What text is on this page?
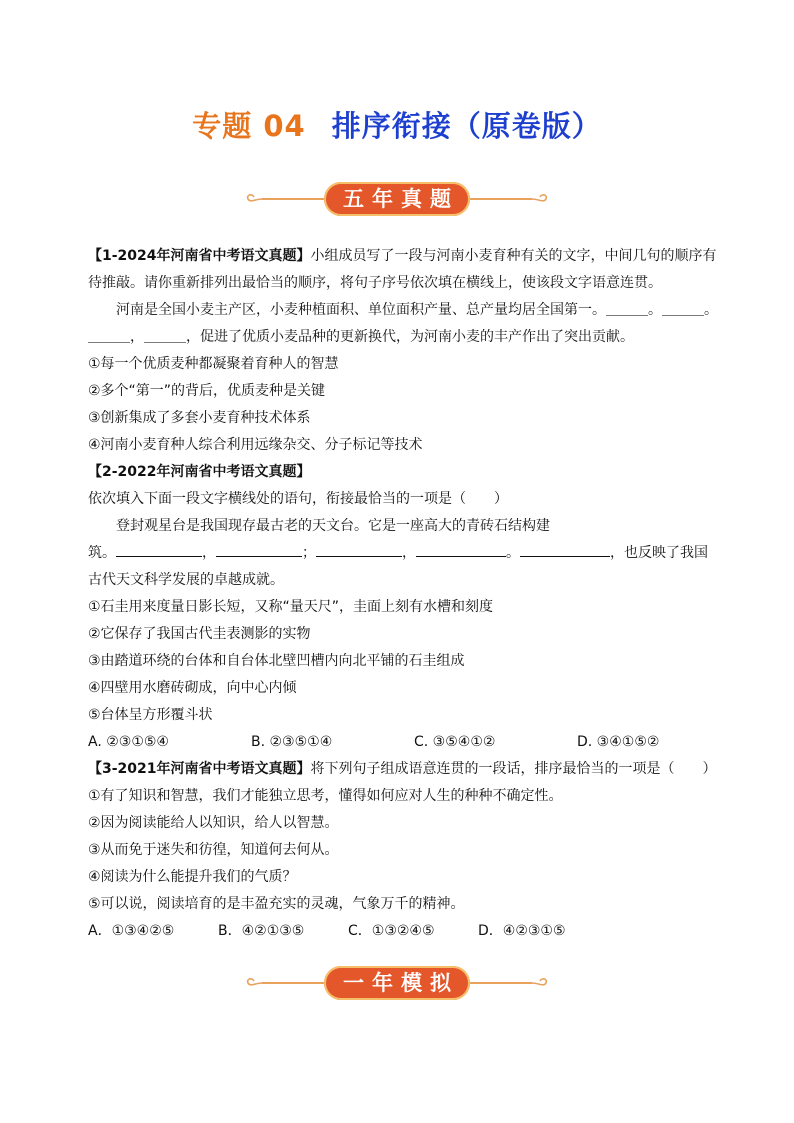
专题 04 排序衔接（原卷版）
五年真题

【1-2024年河南省中考语文真题】小组成员写了一段与河南小麦育种有关的文字，中间几句的顺序有待推敲。请你重新排列出最恰当的顺序，将句子序号依次填在横线上，使该段文字语意连贯。

河南是全国小麦主产区，小麦种植面积、单位面积产量、总产量均居全国第一。＿＿＿。＿＿＿。

＿＿＿，＿＿＿，促进了优质小麦品种的更新换代，为河南小麦的丰产作出了突出贡献。

①每一个优质麦种都凝聚着育种人的智慧

②多个“第一”的背后，优质麦种是关键

③创新集成了多套小麦育种技术体系

④河南小麦育种人综合利用远缘杂交、分子标记等技术

【2-2022年河南省中考语文真题】依次填入下面一段文字横线处的语句，衔接最恰当的一项是（　　）

登封观星台是我国现存最古老的天文台。它是一座高大的青砖石结构建

筑。	，	；	，	。	，也反映了我国

古代天文科学发展的卓越成就。

①石圭用来度量日影长短，又称“量天尺”，圭面上刻有水槽和刻度

②它保存了我国古代圭表测影的实物

③由踏道环绕的台体和自台体北壁凹槽内向北平铺的石圭组成

④四壁用水磨砖砌成，向中心内倾

⑤台体呈方形覆斗状

A. ②③①⑤④	B. ②③⑤①④	C. ③⑤④①②	D. ③④①⑤②

【3-2021年河南省中考语文真题】将下列句子组成语意连贯的一段话，排序最恰当的一项是（　　）

①有了知识和智慧，我们才能独立思考，懂得如何应对人生的种种不确定性。

②因为阅读能给人以知识，给人以智慧。

③从而免于迷失和彷徨，知道何去何从。

④阅读为什么能提升我们的气质？

⑤可以说，阅读培育的是丰盈充实的灵魂，气象万千的精神。

A．①③④②⑤	B．④②①③⑤	C．①③②④⑤	D．④②③①⑤

一年模拟
